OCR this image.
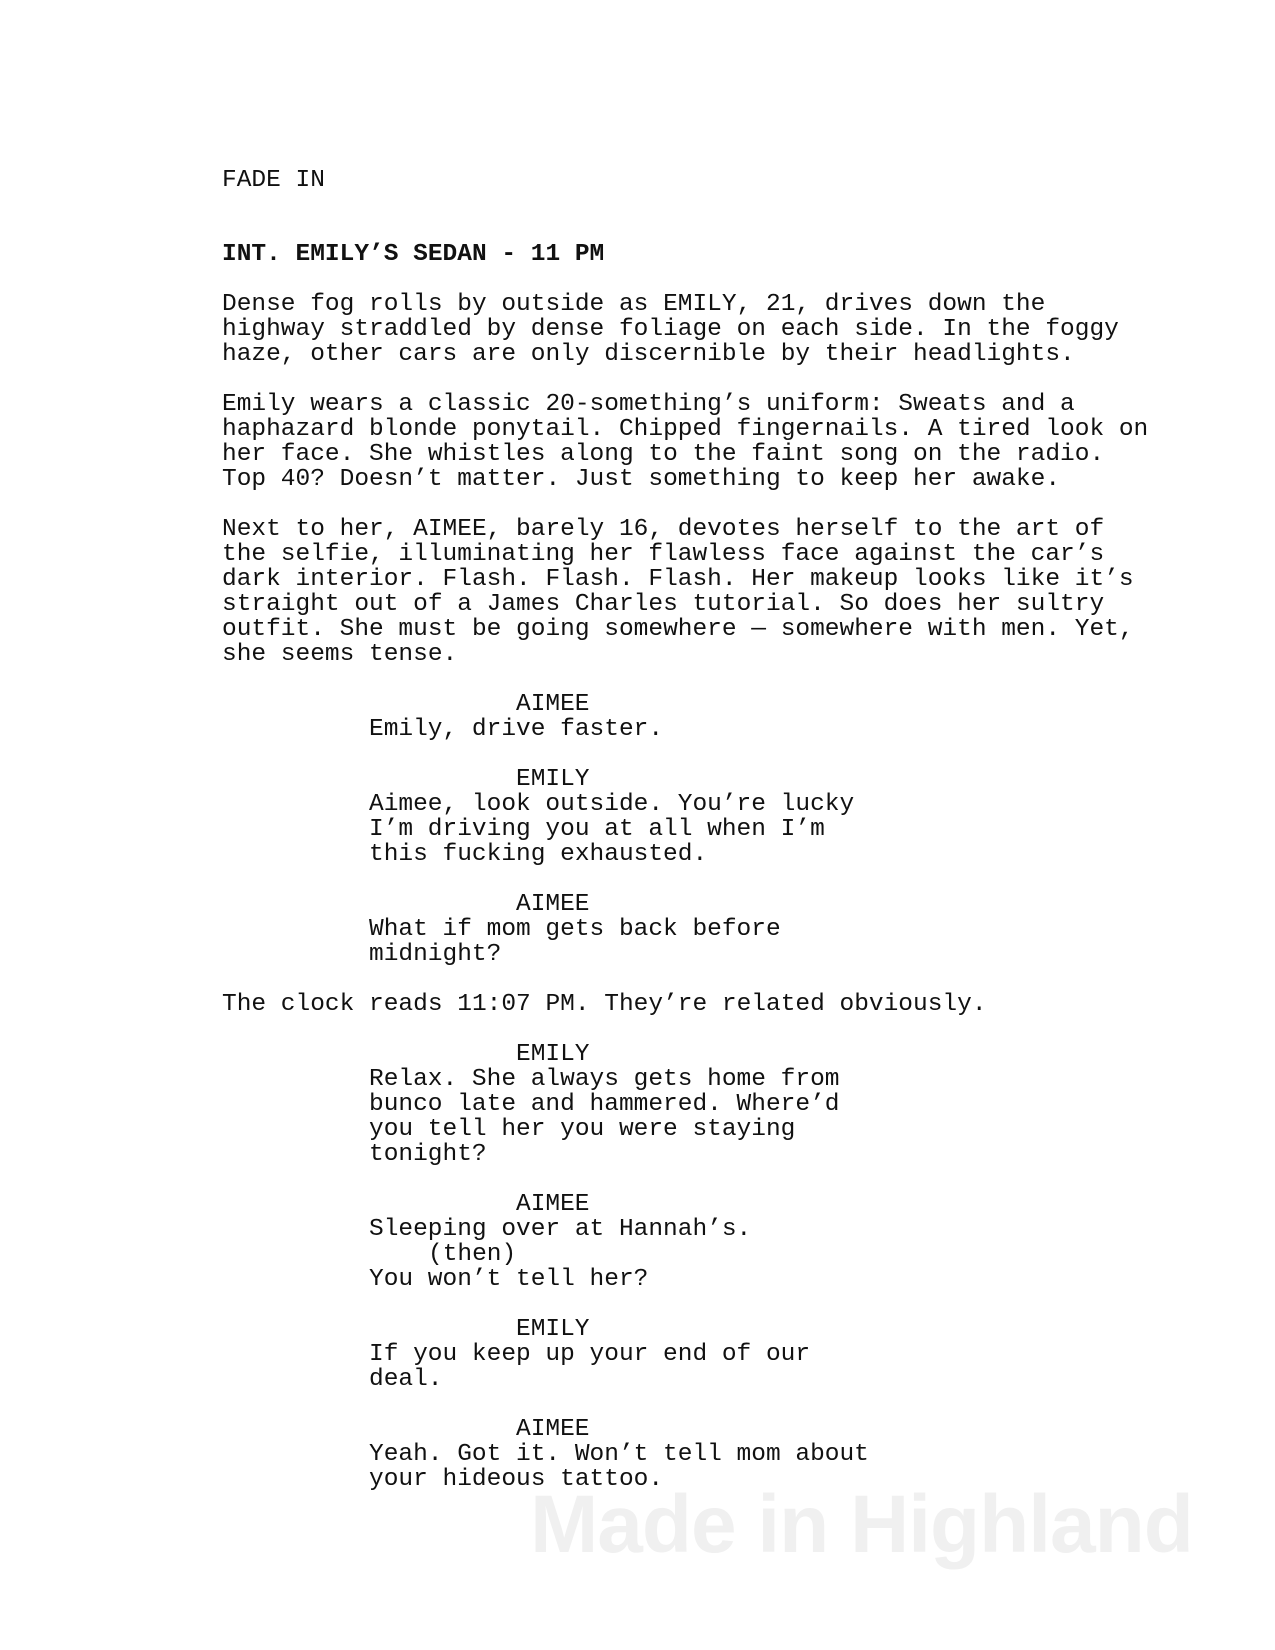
FADE IN
INT. EMILY’S SEDAN - 11 PM
Dense fog rolls by outside as EMILY, 21, drives down the
highway straddled by dense foliage on each side. In the foggy
haze, other cars are only discernible by their headlights.
Emily wears a classic 20-something’s uniform: Sweats and a
haphazard blonde ponytail. Chipped fingernails. A tired look on
her face. She whistles along to the faint song on the radio.
Top 40? Doesn’t matter. Just something to keep her awake.
Next to her, AIMEE, barely 16, devotes herself to the art of
the selfie, illuminating her flawless face against the car’s
dark interior. Flash. Flash. Flash. Her makeup looks like it’s
straight out of a James Charles tutorial. So does her sultry
outfit. She must be going somewhere — somewhere with men. Yet,
she seems tense.
AIMEE
Emily, drive faster.
EMILY
Aimee, look outside. You’re lucky
I’m driving you at all when I’m
this fucking exhausted.
AIMEE
What if mom gets back before
midnight?
The clock reads 11:07 PM. They’re related obviously.
EMILY
Relax. She always gets home from
bunco late and hammered. Where’d
you tell her you were staying
tonight?
AIMEE
Sleeping over at Hannah’s.
(then)
You won’t tell her?
EMILY
If you keep up your end of our
deal.
AIMEE
Yeah. Got it. Won’t tell mom about
your hideous tattoo.
Made in Highland
